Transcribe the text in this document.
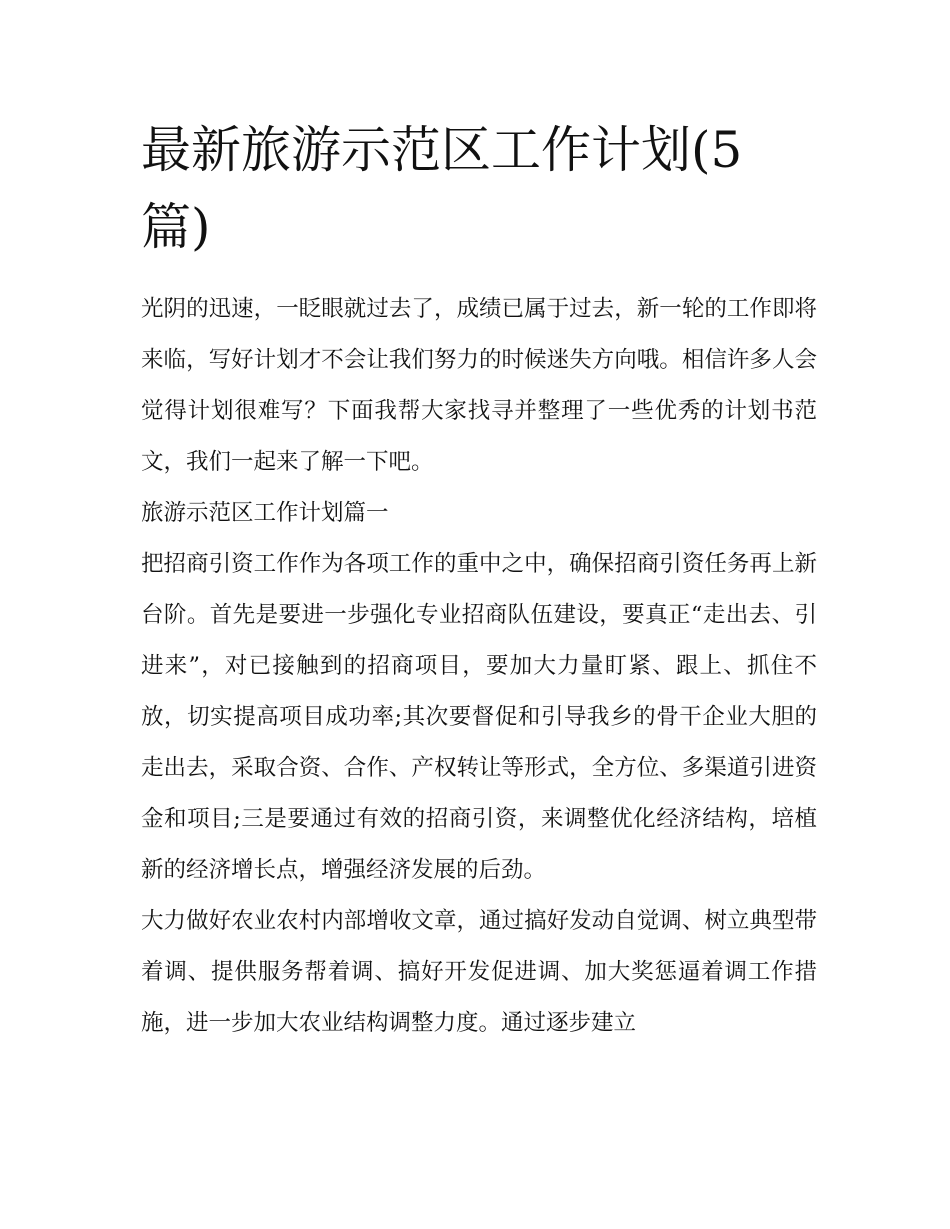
最新旅游示范区工作计划(5篇)

光阴的迅速，一眨眼就过去了，成绩已属于过去，新一轮的工作即将来临，写好计划才不会让我们努力的时候迷失方向哦。相信许多人会觉得计划很难写？下面我帮大家找寻并整理了一些优秀的计划书范文，我们一起来了解一下吧。

旅游示范区工作计划篇一

把招商引资工作作为各项工作的重中之中，确保招商引资任务再上新台阶。首先是要进一步强化专业招商队伍建设，要真正“走出去、引进来”，对已接触到的招商项目，要加大力量盯紧、跟上、抓住不放，切实提高项目成功率;其次要督促和引导我乡的骨干企业大胆的走出去，采取合资、合作、产权转让等形式，全方位、多渠道引进资金和项目;三是要通过有效的招商引资，来调整优化经济结构，培植新的经济增长点，增强经济发展的后劲。

大力做好农业农村内部增收文章，通过搞好发动自觉调、树立典型带着调、提供服务帮着调、搞好开发促进调、加大奖惩逼着调工作措施，进一步加大农业结构调整力度。通过逐步建立
